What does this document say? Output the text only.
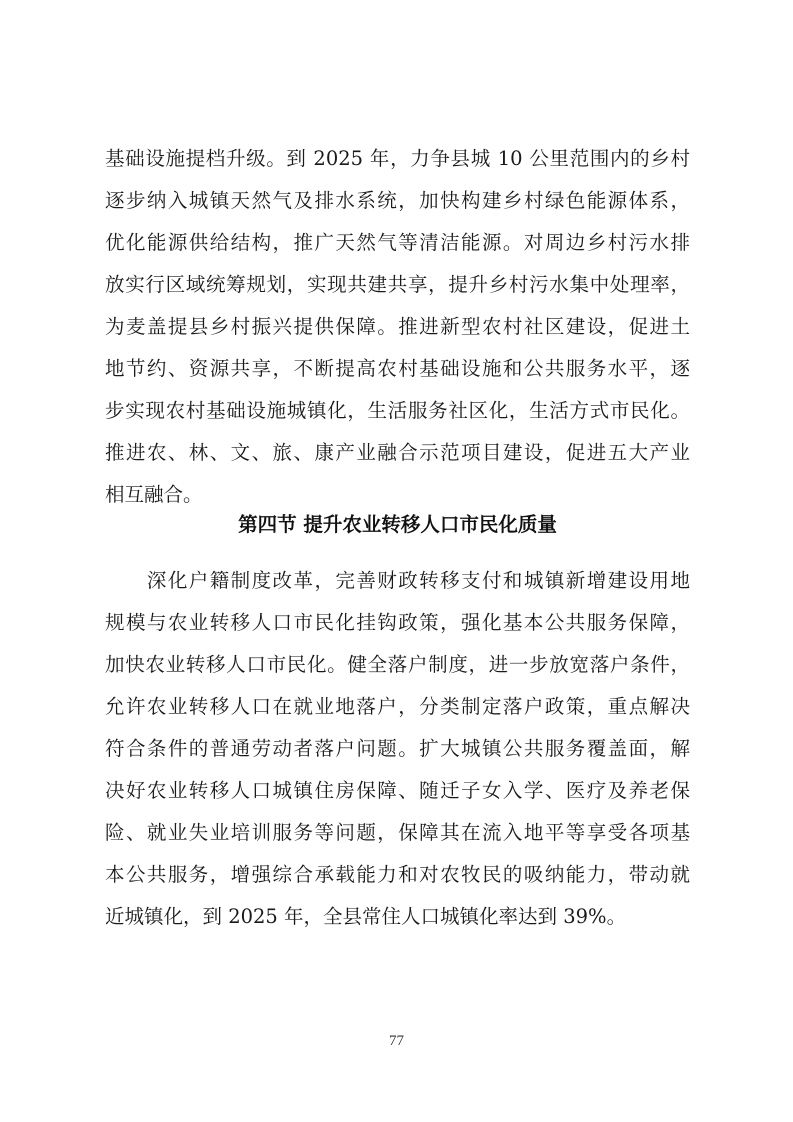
基础设施提档升级。到 2025 年，力争县城 10 公里范围内的乡村
逐步纳入城镇天然气及排水系统，加快构建乡村绿色能源体系，
优化能源供给结构，推广天然气等清洁能源。对周边乡村污水排
放实行区域统筹规划，实现共建共享，提升乡村污水集中处理率，
为麦盖提县乡村振兴提供保障。推进新型农村社区建设，促进土
地节约、资源共享，不断提高农村基础设施和公共服务水平，逐
步实现农村基础设施城镇化，生活服务社区化，生活方式市民化。
推进农、林、文、旅、康产业融合示范项目建设，促进五大产业
相互融合。
第四节 提升农业转移人口市民化质量
　　深化户籍制度改革，完善财政转移支付和城镇新增建设用地
规模与农业转移人口市民化挂钩政策，强化基本公共服务保障，
加快农业转移人口市民化。健全落户制度，进一步放宽落户条件，
允许农业转移人口在就业地落户，分类制定落户政策，重点解决
符合条件的普通劳动者落户问题。扩大城镇公共服务覆盖面，解
决好农业转移人口城镇住房保障、随迁子女入学、医疗及养老保
险、就业失业培训服务等问题，保障其在流入地平等享受各项基
本公共服务，增强综合承载能力和对农牧民的吸纳能力，带动就
近城镇化，到 2025 年，全县常住人口城镇化率达到 39%。
77
